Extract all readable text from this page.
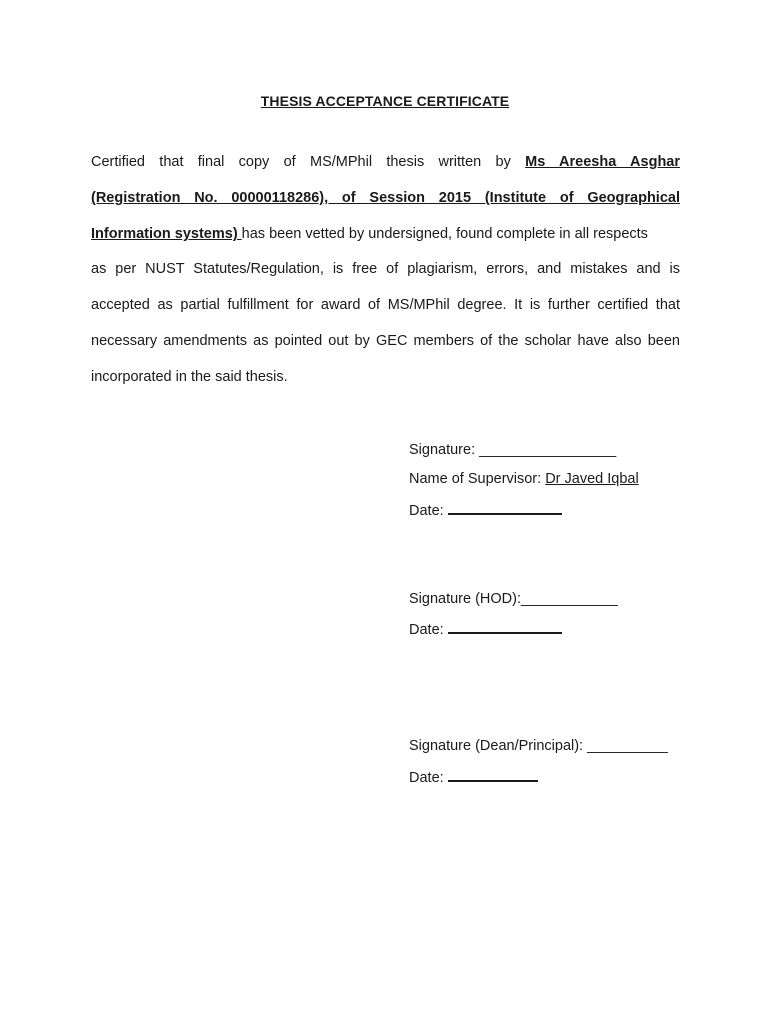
THESIS ACCEPTANCE CERTIFICATE
Certified that final copy of MS/MPhil thesis written by Ms Areesha Asghar
(Registration No. 00000118286), of Session 2015 (Institute of Geographical
Information systems) has been vetted by undersigned, found complete in all respects
as per NUST Statutes/Regulation, is free of plagiarism, errors, and mistakes and is
accepted as partial fulfillment for award of MS/MPhil degree. It is further certified that
necessary amendments as pointed out by GEC members of the scholar have also been
incorporated in the said thesis.
Signature: _________________
Name of Supervisor: Dr Javed Iqbal
Date:
Signature (HOD):____________
Date:
Signature (Dean/Principal): __________
Date:
